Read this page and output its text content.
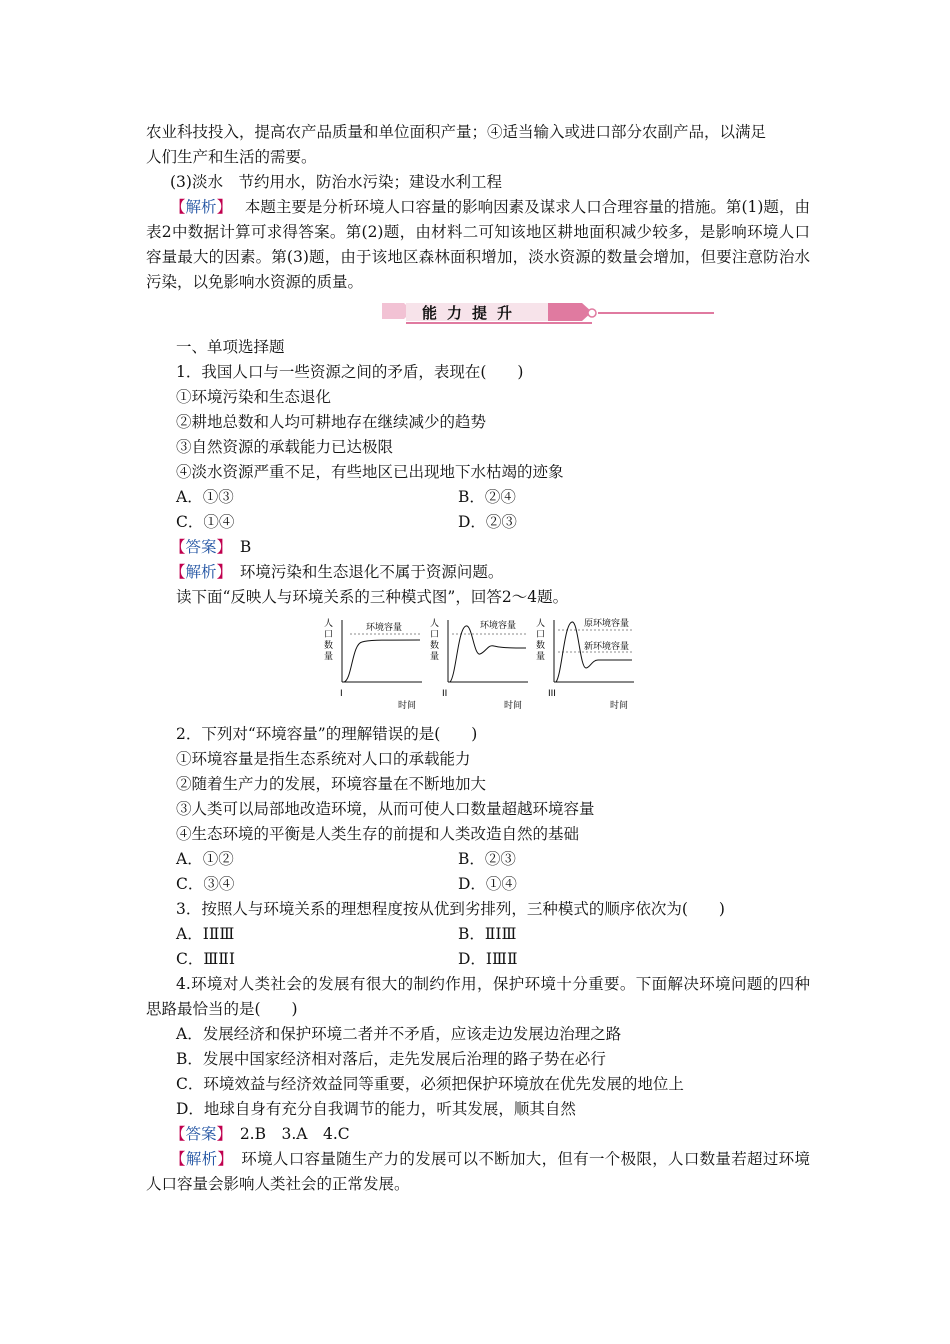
农业科技投入，提高农产品质量和单位面积产量；④适当输入或进口部分农副产品，以满足

人们生产和生活的需要。

(3)淡水　节约用水，防治水污染；建设水利工程

【解析】　 本题主要是分析环境人口容量的影响因素及谋求人口合理容量的措施。第(1)题，由表2中数据计算可求得答案。第(2)题，由材料二可知该地区耕地面积减少较多，是影响环境人口容量最大的因素。第(3)题，由于该地区森林面积增加，淡水资源的数量会增加，但要注意防治水污染，以免影响水资源的质量。

能力提升

一、单项选择题

1．我国人口与一些资源之间的矛盾，表现在(　　)

①环境污染和生态退化

②耕地总数和人均可耕地存在继续减少的趋势

③自然资源的承载能力已达极限

④淡水资源严重不足，有些地区已出现地下水枯竭的迹象

A．①③	B．②④
C．①④	D．②③

【答案】　 B

【解析】　 环境污染和生态退化不属于资源问题。

读下面“反映人与环境关系的三种模式图”，回答2～4题。

人
口
数
量
环境容量
I
时间
人
口
数
量
环境容量
II
时间
人
口
数
量
原环境容量
新环境容量
III
时间

2．下列对“环境容量”的理解错误的是(　　)

①环境容量是指生态系统对人口的承载能力

②随着生产力的发展，环境容量在不断地加大

③人类可以局部地改造环境，从而可使人口数量超越环境容量

④生态环境的平衡是人类生存的前提和人类改造自然的基础

A．①②	B．②③
C．③④	D．①④

3．按照人与环境关系的理想程度按从优到劣排列，三种模式的顺序依次为(　　)

A．ⅠⅡⅢ	B．ⅡⅠⅢ
C．ⅢⅡⅠ	D．ⅠⅢⅡ

4.环境对人类社会的发展有很大的制约作用，保护环境十分重要。下面解决环境问题的四种思路最恰当的是(　　)

A．发展经济和保护环境二者并不矛盾，应该走边发展边治理之路

B．发展中国家经济相对落后，走先发展后治理的路子势在必行

C．环境效益与经济效益同等重要，必须把保护环境放在优先发展的地位上

D．地球自身有充分自我调节的能力，听其发展，顺其自然

【答案】　 2.B　3.A　4.C

【解析】　 环境人口容量随生产力的发展可以不断加大，但有一个极限，人口数量若超过环境人口容量会影响人类社会的正常发展。
